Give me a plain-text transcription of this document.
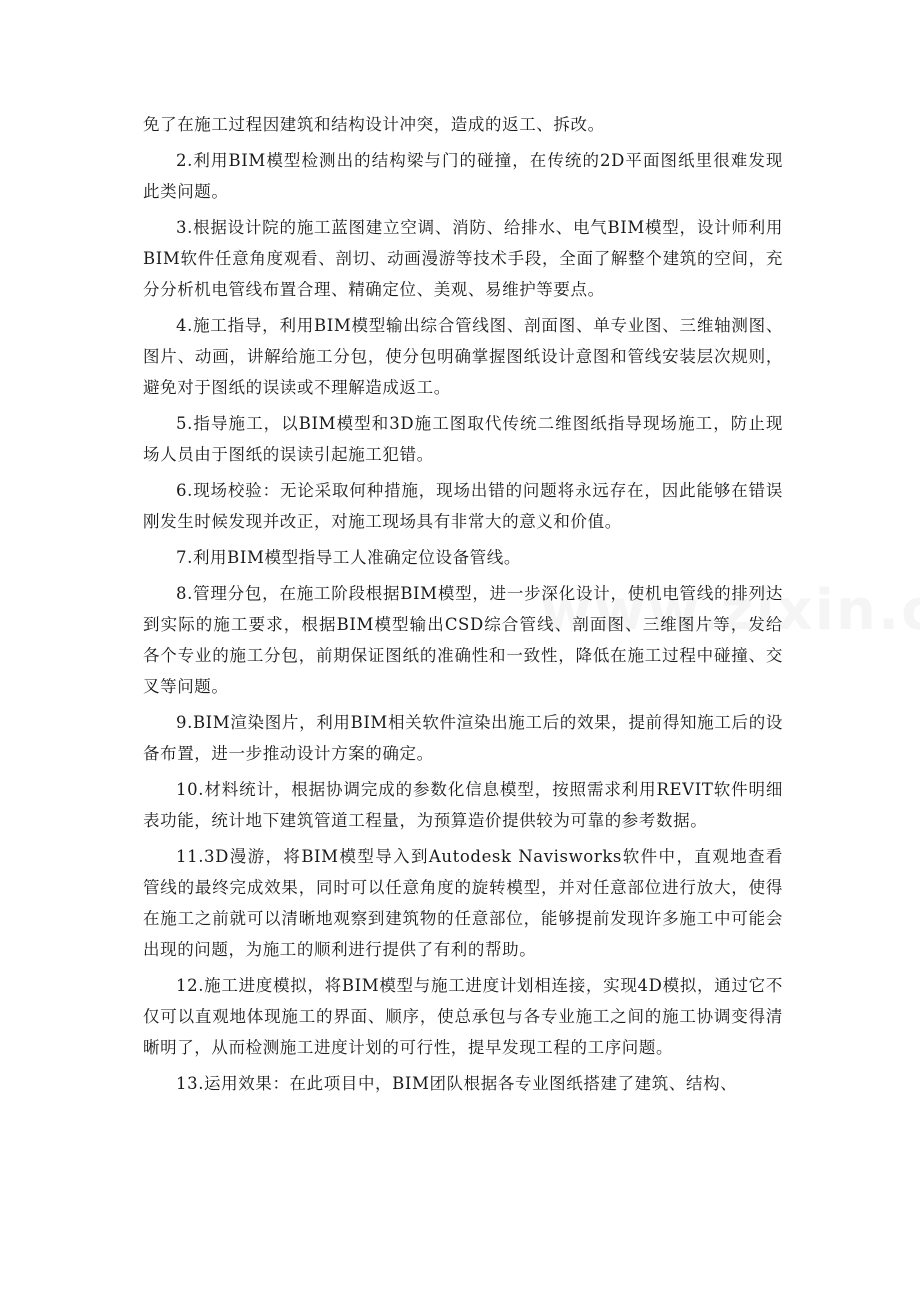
免了在施工过程因建筑和结构设计冲突，造成的返工、拆改。

2.利用BIM模型检测出的结构梁与门的碰撞，在传统的2D平面图纸里很难发现此类问题。

3.根据设计院的施工蓝图建立空调、消防、给排水、电气BIM模型，设计师利用BIM软件任意角度观看、剖切、动画漫游等技术手段，全面了解整个建筑的空间，充分分析机电管线布置合理、精确定位、美观、易维护等要点。

4.施工指导，利用BIM模型输出综合管线图、剖面图、单专业图、三维轴测图、图片、动画，讲解给施工分包，使分包明确掌握图纸设计意图和管线安装层次规则，避免对于图纸的误读或不理解造成返工。

5.指导施工，以BIM模型和3D施工图取代传统二维图纸指导现场施工，防止现场人员由于图纸的误读引起施工犯错。

6.现场校验：无论采取何种措施，现场出错的问题将永远存在，因此能够在错误刚发生时候发现并改正，对施工现场具有非常大的意义和价值。

7.利用BIM模型指导工人准确定位设备管线。

8.管理分包，在施工阶段根据BIM模型，进一步深化设计，使机电管线的排列达到实际的施工要求，根据BIM模型输出CSD综合管线、剖面图、三维图片等，发给各个专业的施工分包，前期保证图纸的准确性和一致性，降低在施工过程中碰撞、交叉等问题。

9.BIM渲染图片，利用BIM相关软件渲染出施工后的效果，提前得知施工后的设备布置，进一步推动设计方案的确定。

10.材料统计，根据协调完成的参数化信息模型，按照需求利用REVIT软件明细表功能，统计地下建筑管道工程量，为预算造价提供较为可靠的参考数据。

11.3D漫游，将BIM模型导入到Autodesk Navisworks软件中，直观地查看管线的最终完成效果，同时可以任意角度的旋转模型，并对任意部位进行放大，使得在施工之前就可以清晰地观察到建筑物的任意部位，能够提前发现许多施工中可能会出现的问题，为施工的顺利进行提供了有利的帮助。

12.施工进度模拟，将BIM模型与施工进度计划相连接，实现4D模拟，通过它不仅可以直观地体现施工的界面、顺序，使总承包与各专业施工之间的施工协调变得清晰明了，从而检测施工进度计划的可行性，提早发现工程的工序问题。

13.运用效果：在此项目中，BIM团队根据各专业图纸搭建了建筑、结构、
